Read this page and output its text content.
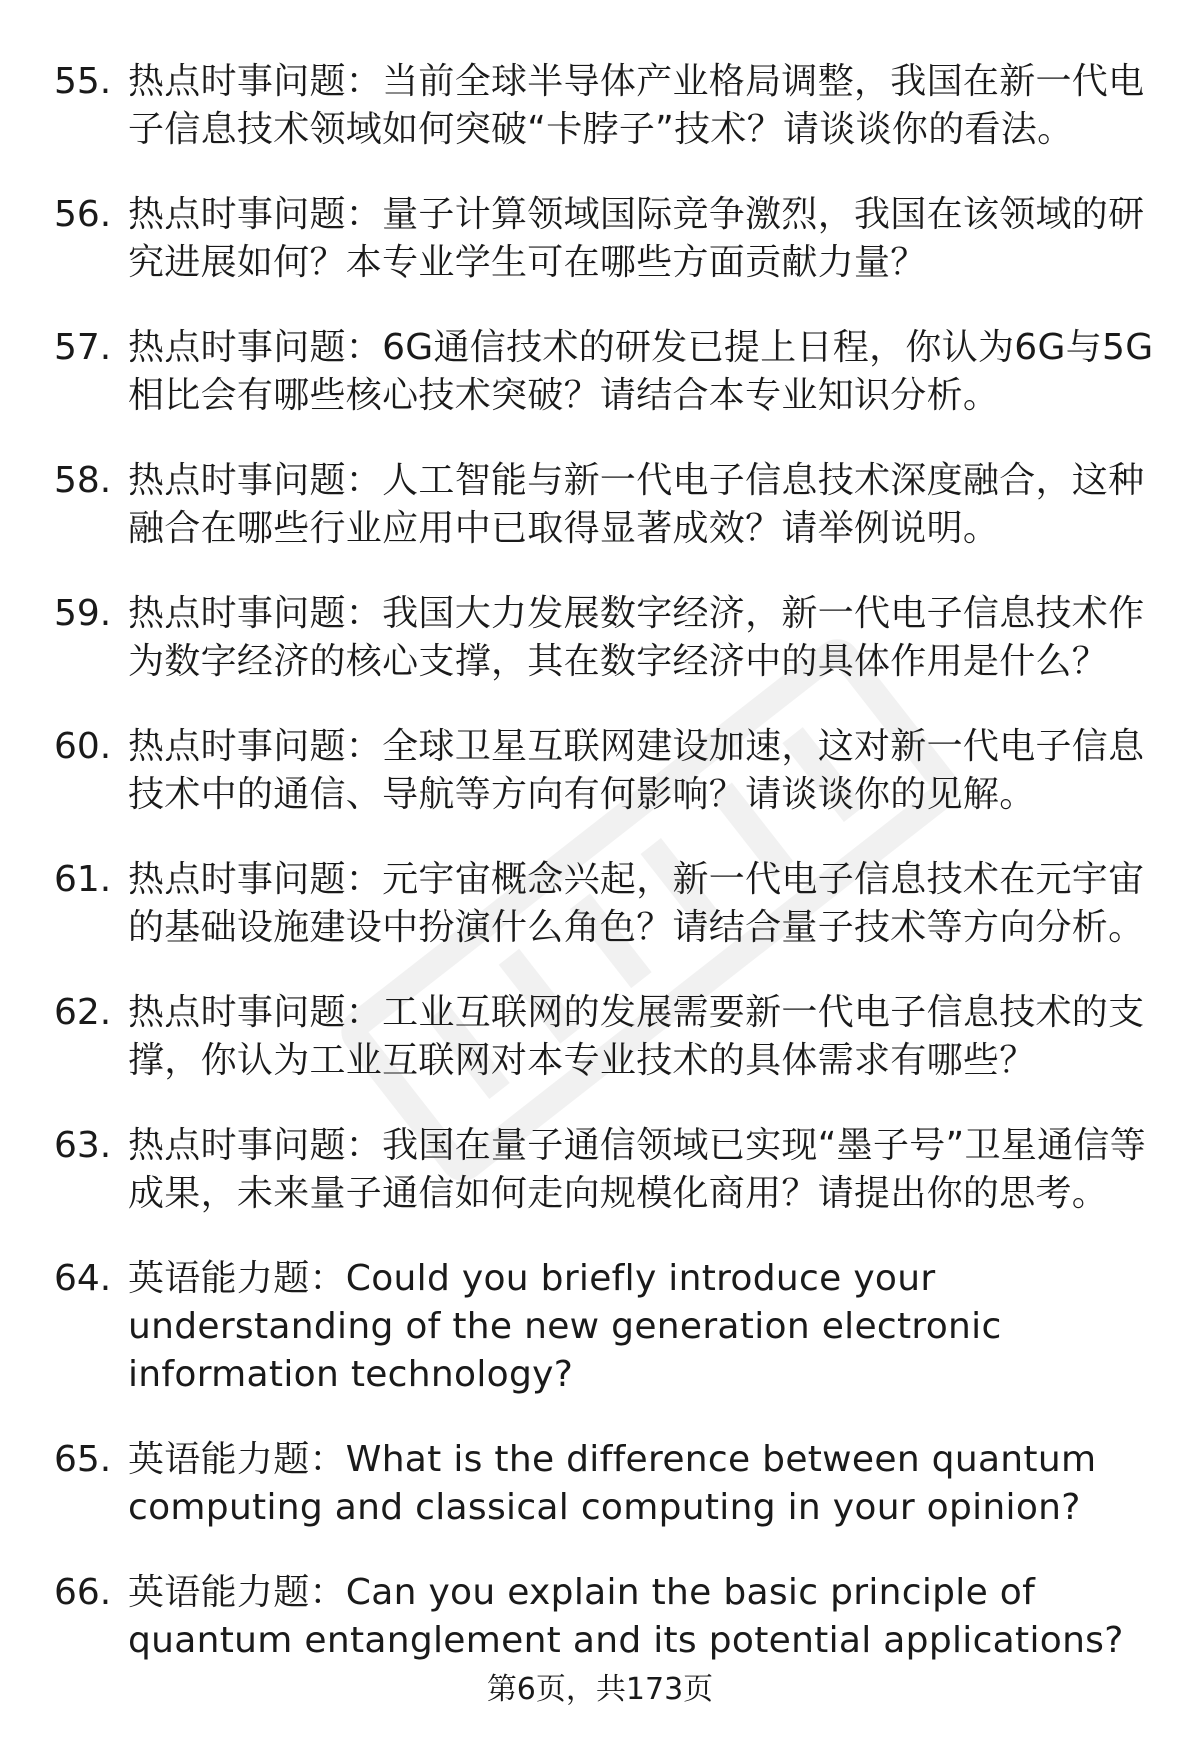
55. 热点时事问题：当前全球半导体产业格局调整，我国在新一代电子信息技术领域如何突破“卡脖子”技术？请谈谈你的看法。
56. 热点时事问题：量子计算领域国际竞争激烈，我国在该领域的研究进展如何？本专业学生可在哪些方面贡献力量？
57. 热点时事问题：6G通信技术的研发已提上日程，你认为6G与5G相比会有哪些核心技术突破？请结合本专业知识分析。
58. 热点时事问题：人工智能与新一代电子信息技术深度融合，这种融合在哪些行业应用中已取得显著成效？请举例说明。
59. 热点时事问题：我国大力发展数字经济，新一代电子信息技术作为数字经济的核心支撑，其在数字经济中的具体作用是什么？
60. 热点时事问题：全球卫星互联网建设加速，这对新一代电子信息技术中的通信、导航等方向有何影响？请谈谈你的见解。
61. 热点时事问题：元宇宙概念兴起，新一代电子信息技术在元宇宙的基础设施建设中扮演什么角色？请结合量子技术等方向分析。
62. 热点时事问题：工业互联网的发展需要新一代电子信息技术的支撑，你认为工业互联网对本专业技术的具体需求有哪些？
63. 热点时事问题：我国在量子通信领域已实现“墨子号”卫星通信等成果，未来量子通信如何走向规模化商用？请提出你的思考。
64. 英语能力题：Could you briefly introduce your understanding of the new generation electronic information technology?
65. 英语能力题：What is the difference between quantum computing and classical computing in your opinion?
66. 英语能力题：Can you explain the basic principle of quantum entanglement and its potential applications?
第6页，共173页
